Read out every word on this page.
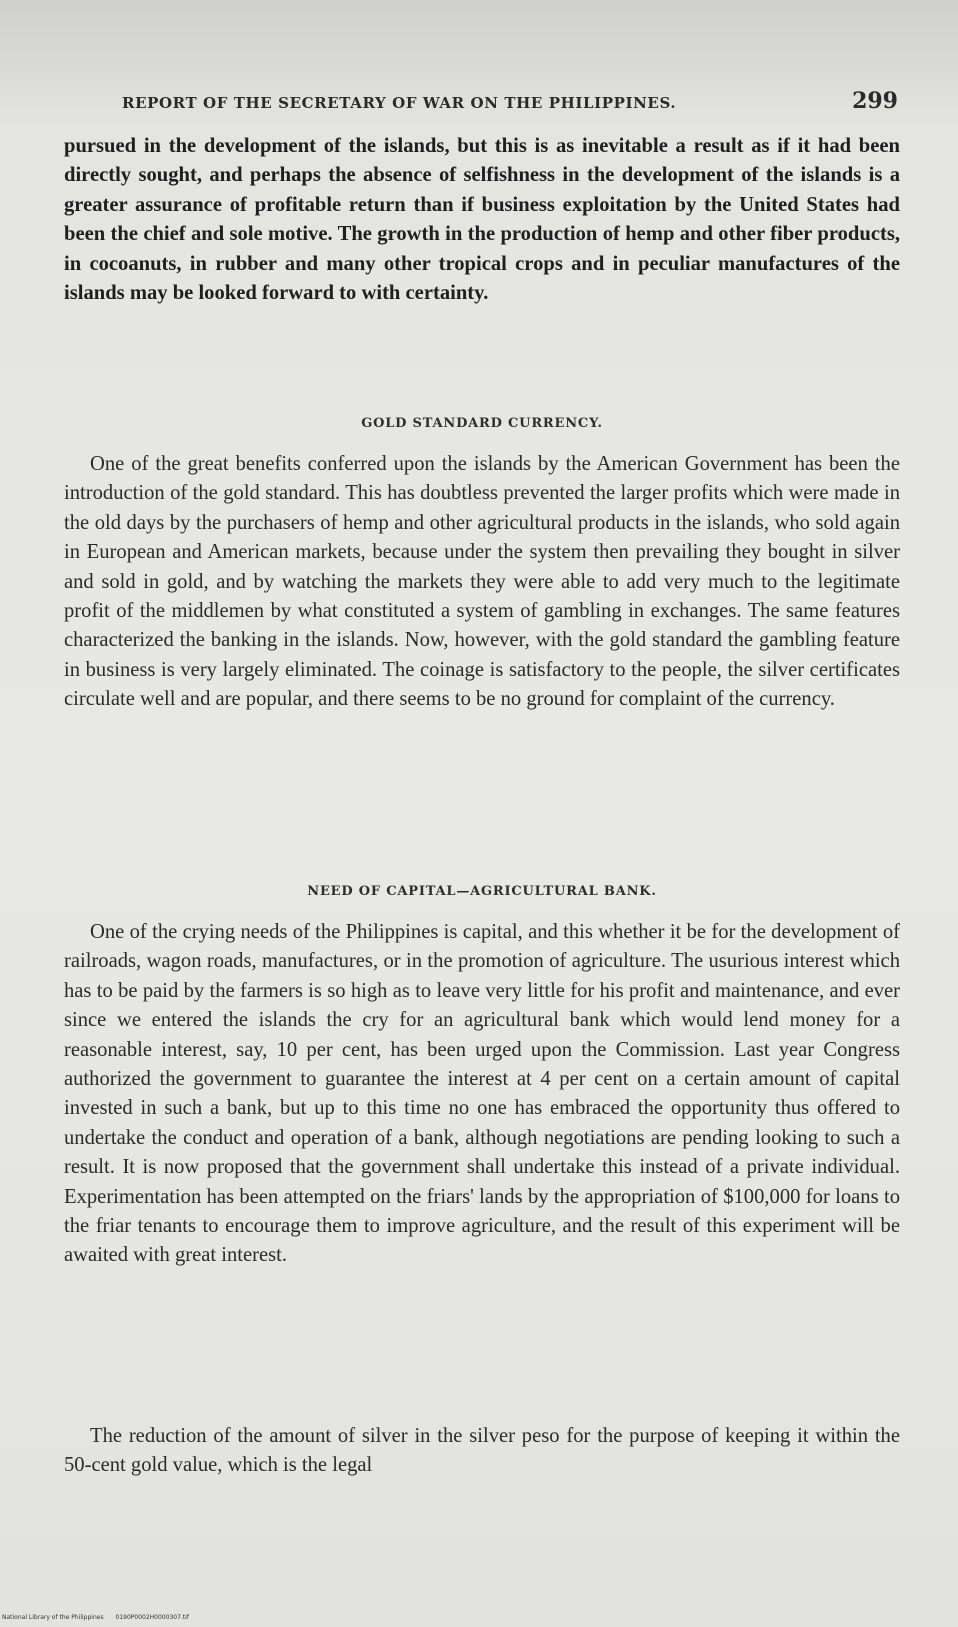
REPORT OF THE SECRETARY OF WAR ON THE PHILIPPINES.	299

pursued in the development of the islands, but this is as inevitable a result as if it had been directly sought, and perhaps the absence of selfishness in the development of the islands is a greater assurance of profitable return than if business exploitation by the United States had been the chief and sole motive. The growth in the production of hemp and other fiber products, in cocoanuts, in rubber and many other tropical crops and in peculiar manufactures of the islands may be looked forward to with certainty.

GOLD STANDARD CURRENCY.

One of the great benefits conferred upon the islands by the American Government has been the introduction of the gold standard. This has doubtless prevented the larger profits which were made in the old days by the purchasers of hemp and other agricultural products in the islands, who sold again in European and American markets, because under the system then prevailing they bought in silver and sold in gold, and by watching the markets they were able to add very much to the legitimate profit of the middlemen by what constituted a system of gambling in exchanges. The same features characterized the banking in the islands. Now, however, with the gold standard the gambling feature in business is very largely eliminated. The coinage is satisfactory to the people, the silver certificates circulate well and are popular, and there seems to be no ground for complaint of the currency.

NEED OF CAPITAL—AGRICULTURAL BANK.

One of the crying needs of the Philippines is capital, and this whether it be for the development of railroads, wagon roads, manufactures, or in the promotion of agriculture. The usurious interest which has to be paid by the farmers is so high as to leave very little for his profit and maintenance, and ever since we entered the islands the cry for an agricultural bank which would lend money for a reasonable interest, say, 10 per cent, has been urged upon the Commission. Last year Congress authorized the government to guarantee the interest at 4 per cent on a certain amount of capital invested in such a bank, but up to this time no one has embraced the opportunity thus offered to undertake the conduct and operation of a bank, although negotiations are pending looking to such a result. It is now proposed that the government shall undertake this instead of a private individual. Experimentation has been attempted on the friars' lands by the appropriation of $100,000 for loans to the friar tenants to encourage them to improve agriculture, and the result of this experiment will be awaited with great interest.

The reduction of the amount of silver in the silver peso for the purpose of keeping it within the 50-cent gold value, which is the legal

National Library of the Philippines 0190P0002H0000307.tif
